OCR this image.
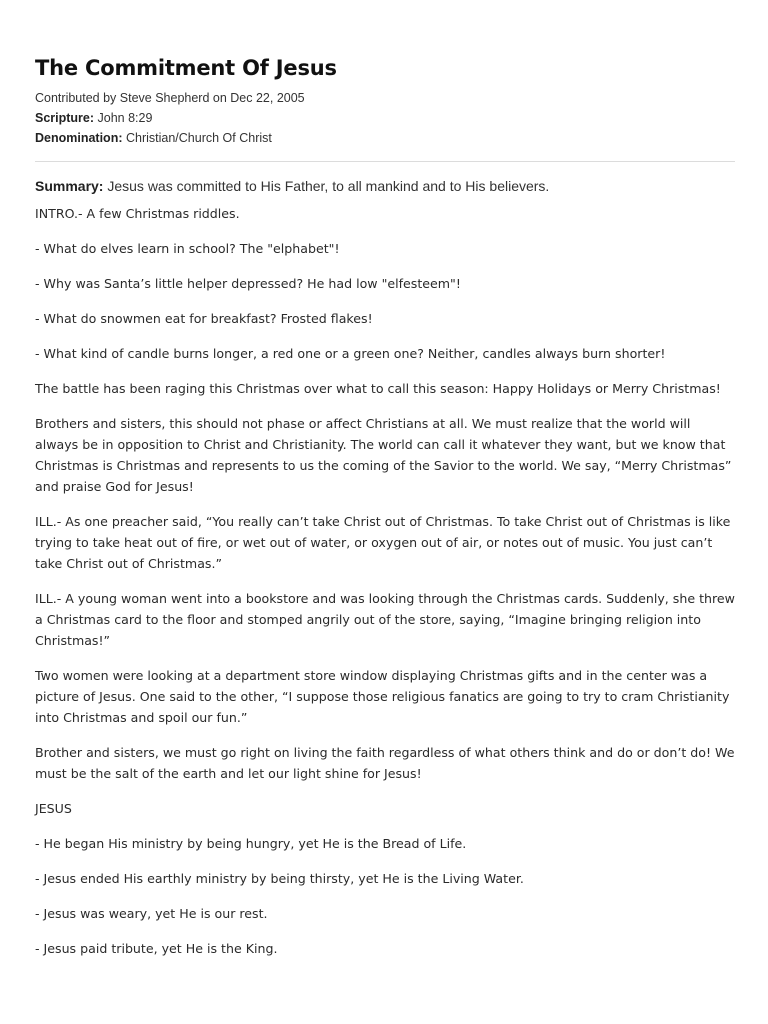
The Commitment Of Jesus
Contributed by Steve Shepherd on Dec 22, 2005
Scripture: John 8:29
Denomination: Christian/Church Of Christ
Summary: Jesus was committed to His Father, to all mankind and to His believers.

INTRO.- A few Christmas riddles.

- What do elves learn in school? The "elphabet"!

- Why was Santa’s little helper depressed? He had low "elfesteem"!

- What do snowmen eat for breakfast? Frosted flakes!

- What kind of candle burns longer, a red one or a green one? Neither, candles always burn shorter!

The battle has been raging this Christmas over what to call this season: Happy Holidays or Merry Christmas!

Brothers and sisters, this should not phase or affect Christians at all. We must realize that the world will always be in opposition to Christ and Christianity. The world can call it whatever they want, but we know that Christmas is Christmas and represents to us the coming of the Savior to the world. We say, “Merry Christmas” and praise God for Jesus!

ILL.- As one preacher said, “You really can’t take Christ out of Christmas. To take Christ out of Christmas is like trying to take heat out of fire, or wet out of water, or oxygen out of air, or notes out of music. You just can’t take Christ out of Christmas.”

ILL.- A young woman went into a bookstore and was looking through the Christmas cards. Suddenly, she threw a Christmas card to the floor and stomped angrily out of the store, saying, “Imagine bringing religion into Christmas!”

Two women were looking at a department store window displaying Christmas gifts and in the center was a picture of Jesus. One said to the other, “I suppose those religious fanatics are going to try to cram Christianity into Christmas and spoil our fun.”

Brother and sisters, we must go right on living the faith regardless of what others think and do or don’t do! We must be the salt of the earth and let our light shine for Jesus!

JESUS

- He began His ministry by being hungry, yet He is the Bread of Life.

- Jesus ended His earthly ministry by being thirsty, yet He is the Living Water.

- Jesus was weary, yet He is our rest.

- Jesus paid tribute, yet He is the King.
